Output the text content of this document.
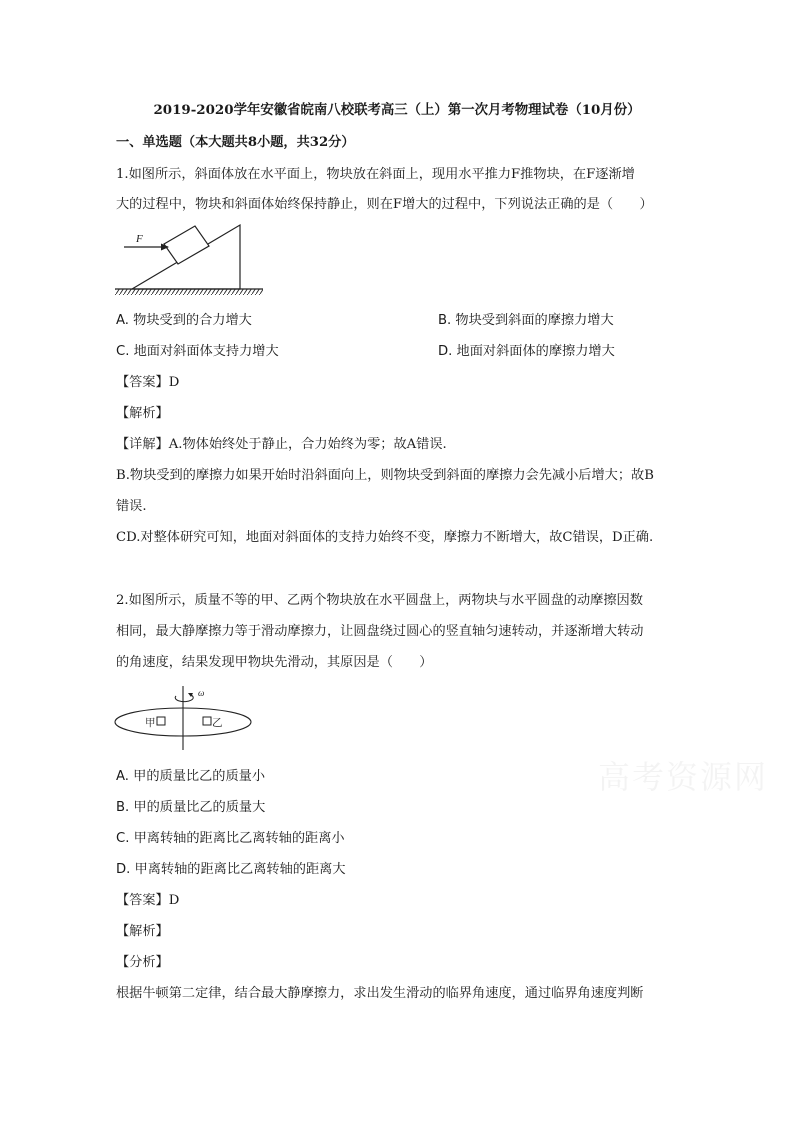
2019-2020学年安徽省皖南八校联考高三（上）第一次月考物理试卷（10月份）
一、单选题（本大题共8小题，共32分）
1.如图所示，斜面体放在水平面上，物块放在斜面上，现用水平推力F推物块，在F逐渐增
大的过程中，物块和斜面体始终保持静止，则在F增大的过程中，下列说法正确的是（　　）
F
A. 物块受到的合力增大	B. 物块受到斜面的摩擦力增大
C. 地面对斜面体支持力增大	D. 地面对斜面体的摩擦力增大
【答案】D
【解析】
【详解】A.物体始终处于静止，合力始终为零；故A错误.
B.物块受到的摩擦力如果开始时沿斜面向上，则物块受到斜面的摩擦力会先减小后增大；故B
错误.
CD.对整体研究可知，地面对斜面体的支持力始终不变，摩擦力不断增大，故C错误，D正确.
2.如图所示，质量不等的甲、乙两个物块放在水平圆盘上，两物块与水平圆盘的动摩擦因数
相同，最大静摩擦力等于滑动摩擦力，让圆盘绕过圆心的竖直轴匀速转动，并逐渐增大转动
的角速度，结果发现甲物块先滑动，其原因是（　　）
ω
甲	乙
A. 甲的质量比乙的质量小
B. 甲的质量比乙的质量大
C. 甲离转轴的距离比乙离转轴的距离小
D. 甲离转轴的距离比乙离转轴的距离大
【答案】D
【解析】
【分析】
根据牛顿第二定律，结合最大静摩擦力，求出发生滑动的临界角速度，通过临界角速度判断
